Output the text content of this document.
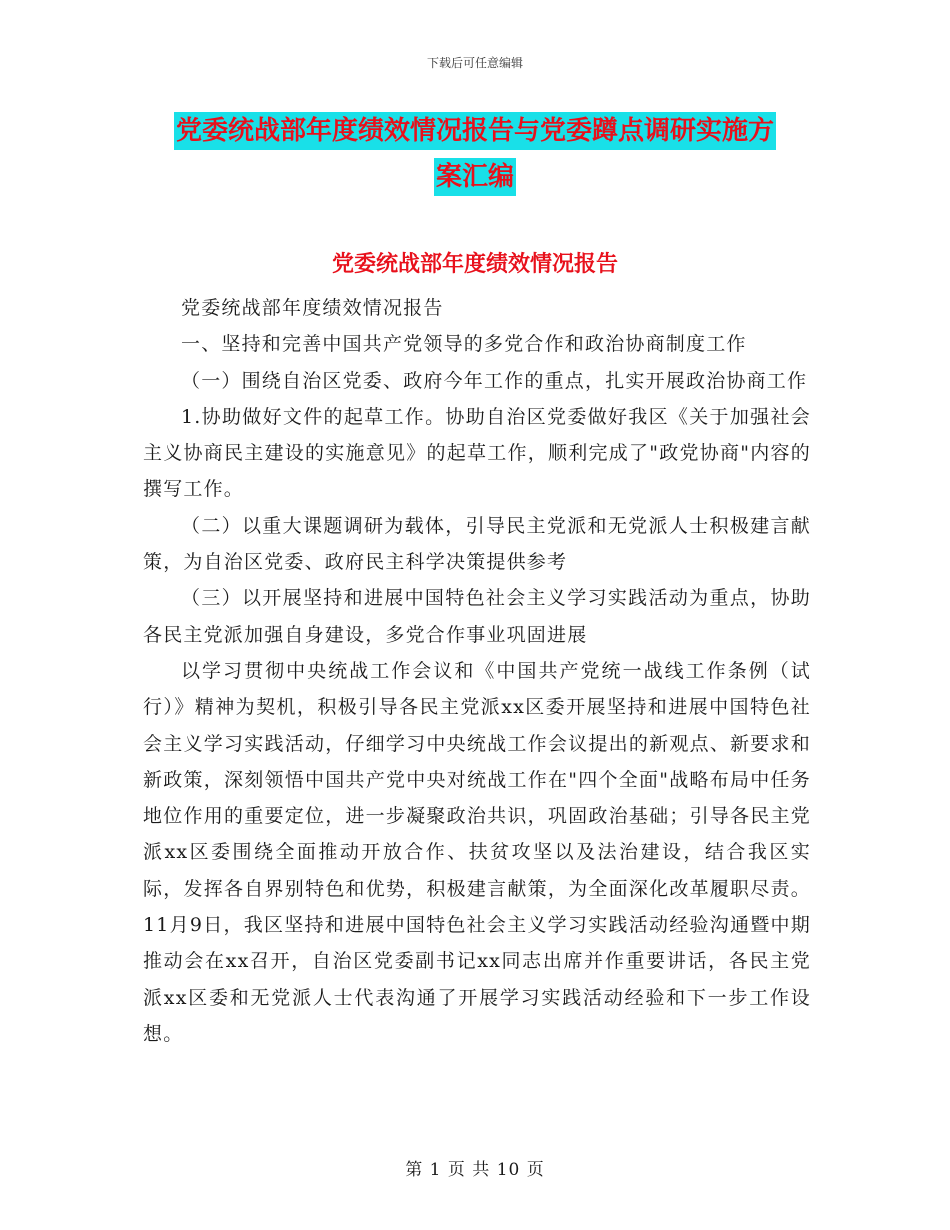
下载后可任意编辑
党委统战部年度绩效情况报告与党委蹲点调研实施方
案汇编
党委统战部年度绩效情况报告

党委统战部年度绩效情况报告

一、坚持和完善中国共产党领导的多党合作和政治协商制度工作

（一）围绕自治区党委、政府今年工作的重点，扎实开展政治协商工作

1.协助做好文件的起草工作。协助自治区党委做好我区《关于加强社会主义协商民主建设的实施意见》的起草工作，顺利完成了"政党协商"内容的撰写工作。

（二）以重大课题调研为载体，引导民主党派和无党派人士积极建言献策，为自治区党委、政府民主科学决策提供参考

（三）以开展坚持和进展中国特色社会主义学习实践活动为重点，协助各民主党派加强自身建设，多党合作事业巩固进展

以学习贯彻中央统战工作会议和《中国共产党统一战线工作条例（试行）》精神为契机，积极引导各民主党派xx区委开展坚持和进展中国特色社会主义学习实践活动，仔细学习中央统战工作会议提出的新观点、新要求和新政策，深刻领悟中国共产党中央对统战工作在"四个全面"战略布局中任务地位作用的重要定位，进一步凝聚政治共识，巩固政治基础；引导各民主党派xx区委围绕全面推动开放合作、扶贫攻坚以及法治建设，结合我区实际，发挥各自界别特色和优势，积极建言献策，为全面深化改革履职尽责。11月9日，我区坚持和进展中国特色社会主义学习实践活动经验沟通暨中期推动会在xx召开，自治区党委副书记xx同志出席并作重要讲话，各民主党派xx区委和无党派人士代表沟通了开展学习实践活动经验和下一步工作设想。

第 1 页 共 10 页
